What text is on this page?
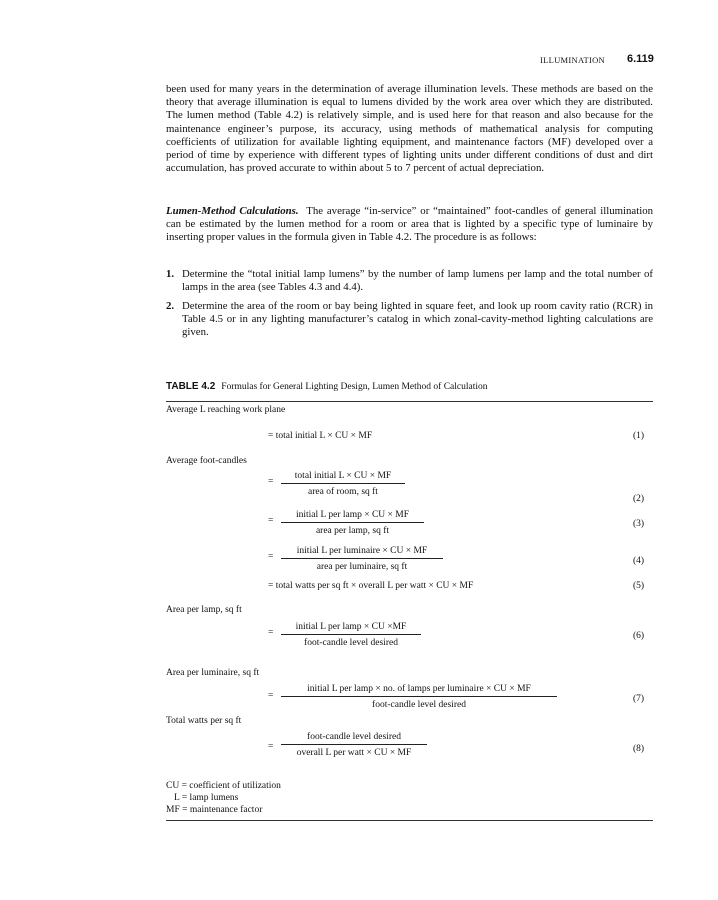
ILLUMINATION 6.119

been used for many years in the determination of average illumination levels. These methods are based on the theory that average illumination is equal to lumens divided by the work area over which they are distributed. The lumen method (Table 4.2) is relatively simple, and is used here for that reason and also because for the maintenance engineer’s purpose, its accuracy, using methods of mathematical analysis for computing coefficients of utilization for available lighting equipment, and maintenance factors (MF) developed over a period of time by experience with different types of lighting units under different conditions of dust and dirt accumulation, has proved accurate to within about 5 to 7 percent of actual depreciation.

Lumen-Method Calculations. The average “in-service” or “maintained” foot-candles of general illumination can be estimated by the lumen method for a room or area that is lighted by a specific type of luminaire by inserting proper values in the formula given in Table 4.2. The procedure is as follows:

1. Determine the “total initial lamp lumens” by the number of lamp lumens per lamp and the total number of lamps in the area (see Tables 4.3 and 4.4).
2. Determine the area of the room or bay being lighted in square feet, and look up room cavity ratio (RCR) in Table 4.5 or in any lighting manufacturer’s catalog in which zonal-cavity-method lighting calculations are given.
TABLE 4.2 Formulas for General Lighting Design, Lumen Method of Calculation
Average L reaching work plane
= total initial L × CU × MF	(1)
Average foot-candles
=
total initial L × CU × MF
area of room, sq ft
(2)
=
initial L per lamp × CU × MF
area per lamp, sq ft
(3)
=
initial L per luminaire × CU × MF
area per luminaire, sq ft
(4)
= total watts per sq ft × overall L per watt × CU × MF	(5)
Area per lamp, sq ft
=
initial L per lamp × CU ×MF
foot-candle level desired
(6)
Area per luminaire, sq ft
=
initial L per lamp × no. of lamps per luminaire × CU × MF
foot-candle level desired
(7)
Total watts per sq ft
=
foot-candle level desired
overall L per watt × CU × MF	(8)
CU = coefficient of utilization
L = lamp lumens
MF = maintenance factor
